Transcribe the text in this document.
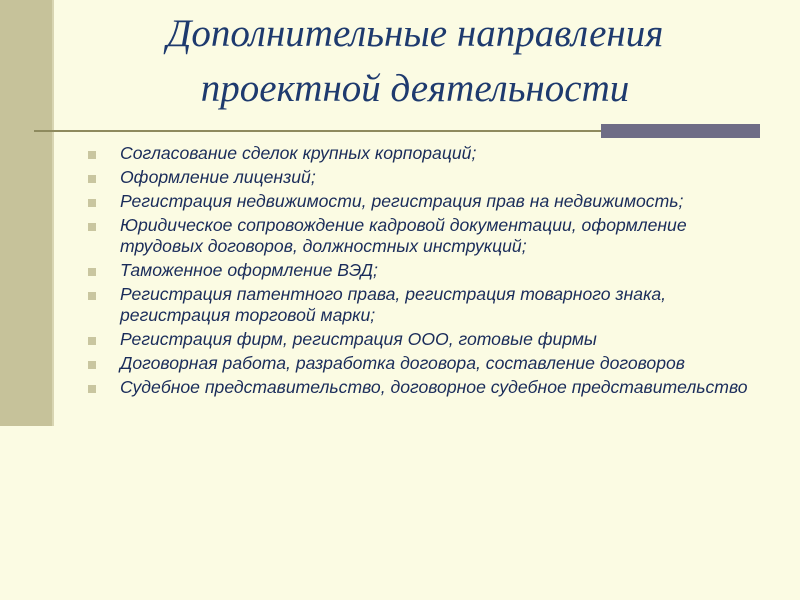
Дополнительные направления
проектной деятельности
Согласование сделок крупных корпораций;
Оформление лицензий;
Регистрация недвижимости, регистрация прав на недвижимость;
Юридическое сопровождение кадровой документации, оформление трудовых договоров, должностных инструкций;
Таможенное оформление ВЭД;
Регистрация патентного права, регистрация товарного знака, регистрация торговой марки;
Регистрация фирм, регистрация ООО, готовые фирмы
Договорная работа, разработка договора, составление договоров
Судебное представительство, договорное судебное представительство
